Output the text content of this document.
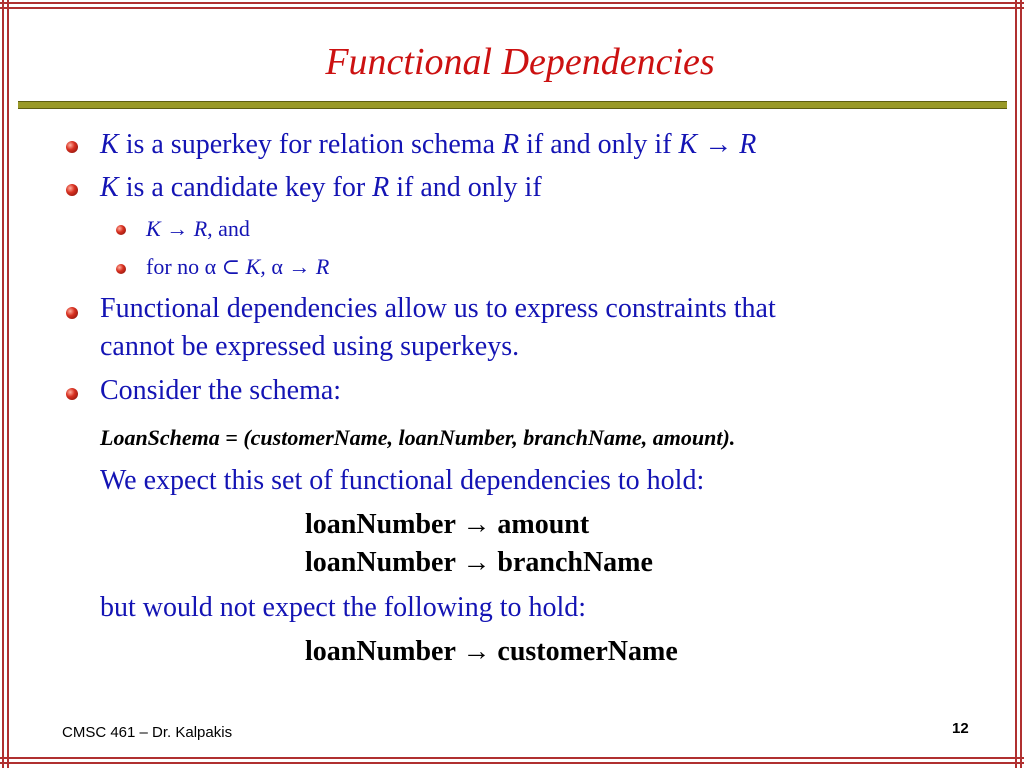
Functional Dependencies
K is a superkey for relation schema R if and only if K → R
K is a candidate key for R if and only if
K → R, and
for no α ⊂ K, α → R
Functional dependencies allow us to express constraints that
cannot be expressed using superkeys.
Consider the schema:
LoanSchema = (customerName, loanNumber, branchName, amount).
We expect this set of functional dependencies to hold:
loanNumber → amount
loanNumber → branchName
but would not expect the following to hold:
loanNumber → customerName
CMSC 461 – Dr. Kalpakis	12
